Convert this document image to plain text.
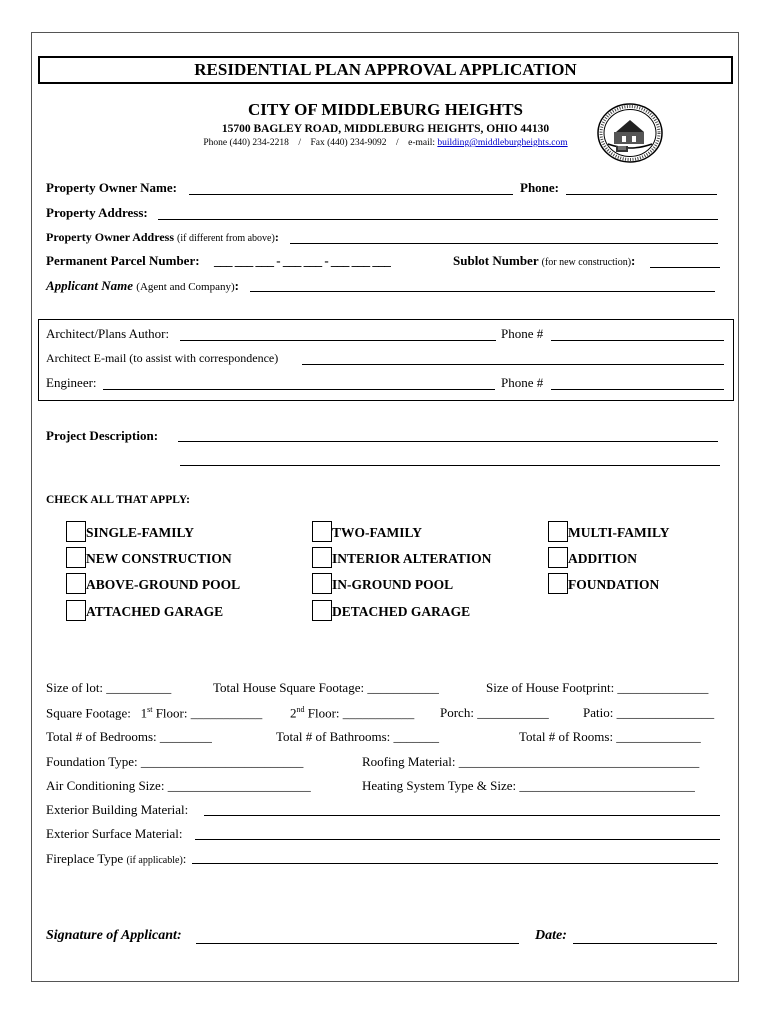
RESIDENTIAL PLAN APPROVAL APPLICATION
CITY OF MIDDLEBURG HEIGHTS
15700 BAGLEY ROAD, MIDDLEBURG HEIGHTS, OHIO 44130
Phone (440) 234-2218    /    Fax (440) 234-9092    /    e-mail: building@middleburgheights.com
Property Owner Name:	Phone:
Property Address:
Property Owner Address (if different from above):
Permanent Parcel Number: ___ ___ ___ - ___ ___ - ___ ___ ___	Sublot Number (for new construction):
Applicant Name (Agent and Company):
Architect/Plans Author:	Phone #
Architect E-mail (to assist with correspondence)
Engineer:	Phone #
Project Description:
CHECK ALL THAT APPLY:
SINGLE-FAMILY	TWO-FAMILY	MULTI-FAMILY
NEW CONSTRUCTION	INTERIOR ALTERATION	ADDITION
ABOVE-GROUND POOL	IN-GROUND POOL	FOUNDATION
ATTACHED GARAGE	DETACHED GARAGE
Size of lot: __________	Total House Square Footage: ___________	Size of House Footprint: ______________
Square Footage:   1st Floor: ___________ 2nd Floor: ___________ Porch: ___________	Patio: _______________
Total # of Bedrooms: ________	Total # of Bathrooms: _______	Total # of Rooms: _____________
Foundation Type: _________________________	Roofing Material: _____________________________________
Air Conditioning Size: ______________________	Heating System Type & Size: ___________________________
Exterior Building Material:
Exterior Surface Material:
Fireplace Type (if applicable):
Signature of Applicant:	Date:
